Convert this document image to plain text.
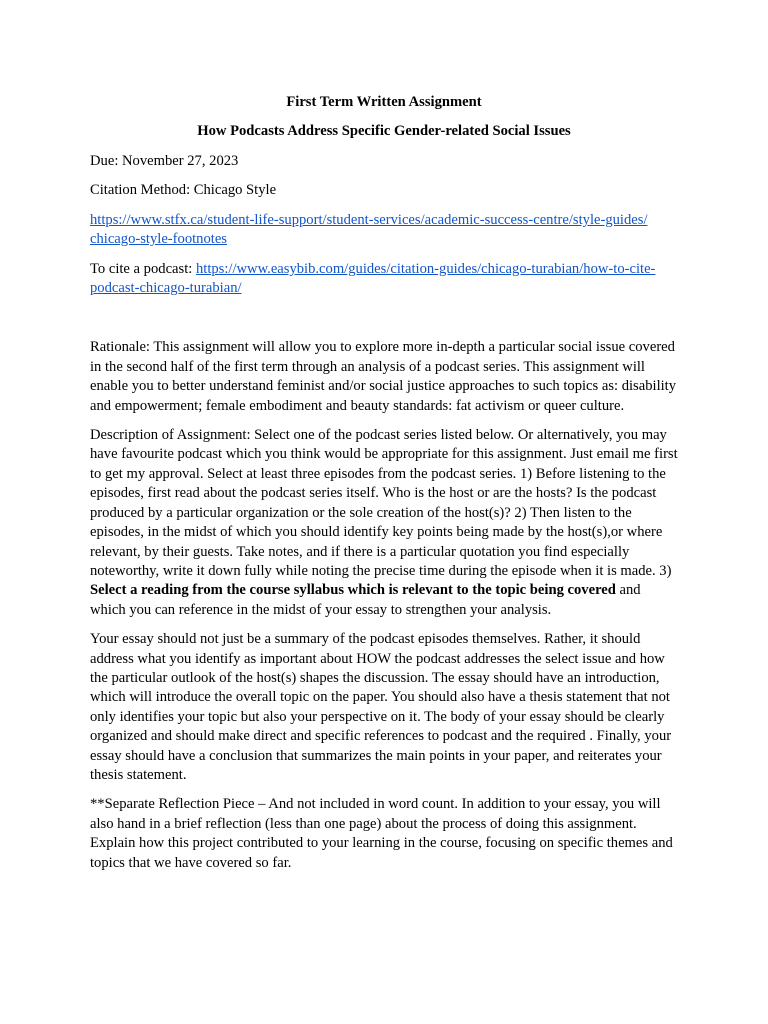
First Term Written Assignment
How Podcasts Address Specific Gender-related Social Issues

Due: November 27, 2023

Citation Method: Chicago Style

https://www.stfx.ca/student-life-support/student-services/academic-success-centre/style-guides/
chicago-style-footnotes

To cite a podcast: https://www.easybib.com/guides/citation-guides/chicago-turabian/how-to-cite-
podcast-chicago-turabian/

Rationale: This assignment will allow you to explore more in-depth a particular social issue covered in the second half of the first term through an analysis of a podcast series. This assignment will enable you to better understand feminist and/or social justice approaches to such topics as: disability and empowerment; female embodiment and beauty standards: fat activism or queer culture.

Description of Assignment: Select one of the podcast series listed below. Or alternatively, you may have favourite podcast which you think would be appropriate for this assignment. Just email me first to get my approval. Select at least three episodes from the podcast series. 1) Before listening to the episodes, first read about the podcast series itself. Who is the host or are the hosts? Is the podcast produced by a particular organization or the sole creation of the host(s)? 2) Then listen to the episodes, in the midst of which you should identify key points being made by the host(s),or where relevant, by their guests. Take notes, and if there is a particular quotation you find especially noteworthy, write it down fully while noting the precise time during the episode when it is made. 3) Select a reading from the course syllabus which is relevant to the topic being covered and which you can reference in the midst of your essay to strengthen your analysis.

Your essay should not just be a summary of the podcast episodes themselves. Rather, it should address what you identify as important about HOW the podcast addresses the select issue and how the particular outlook of the host(s) shapes the discussion. The essay should have an introduction, which will introduce the overall topic on the paper. You should also have a thesis statement that not only identifies your topic but also your perspective on it. The body of your essay should be clearly organized and should make direct and specific references to podcast and the required . Finally, your essay should have a conclusion that summarizes the main points in your paper, and reiterates your thesis statement.

**Separate Reflection Piece – And not included in word count. In addition to your essay, you will also hand in a brief reflection (less than one page) about the process of doing this assignment. Explain how this project contributed to your learning in the course, focusing on specific themes and topics that we have covered so far.
